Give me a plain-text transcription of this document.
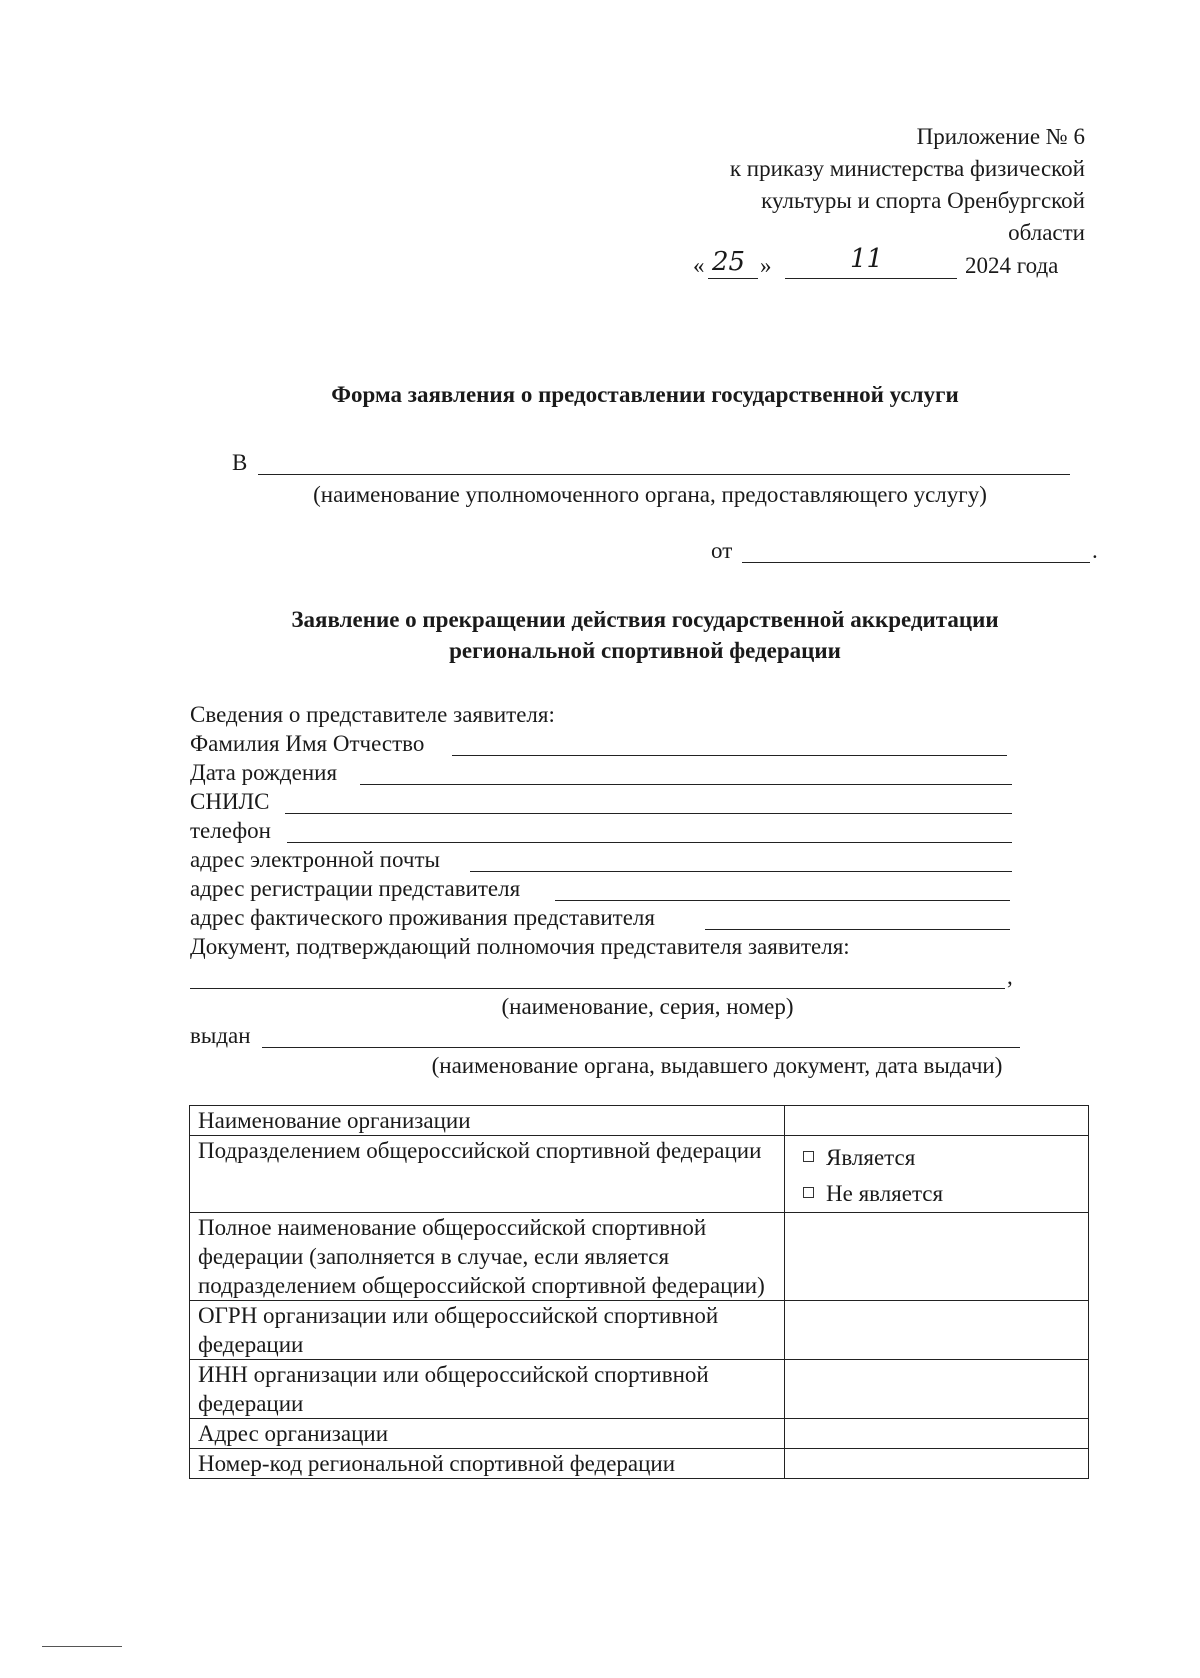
Приложение № 6
к приказу министерства физической
культуры и спорта Оренбургской
области
« 25 »	11	2024 года
Форма заявления о предоставлении государственной услуги
В
(наименование уполномоченного органа, предоставляющего услугу)
от	.
Заявление о прекращении действия государственной аккредитации
региональной спортивной федерации
Сведения о представителе заявителя:
Фамилия Имя Отчество
Дата рождения
СНИЛС
телефон
адрес электронной почты
адрес регистрации представителя
адрес фактического проживания представителя
Документ, подтверждающий полномочия представителя заявителя:
,
(наименование, серия, номер)
выдан
(наименование органа, выдавшего документ, дата выдачи)
Наименование организации	
Подразделением общероссийской спортивной федерации	Является
Не является

Полное наименование общероссийской спортивной федерации (заполняется в случае, если является подразделением общероссийской спортивной федерации)	
ОГРН организации или общероссийской спортивной федерации	
ИНН организации или общероссийской спортивной федерации	
Адрес организации	
Номер-код региональной спортивной федерации	
